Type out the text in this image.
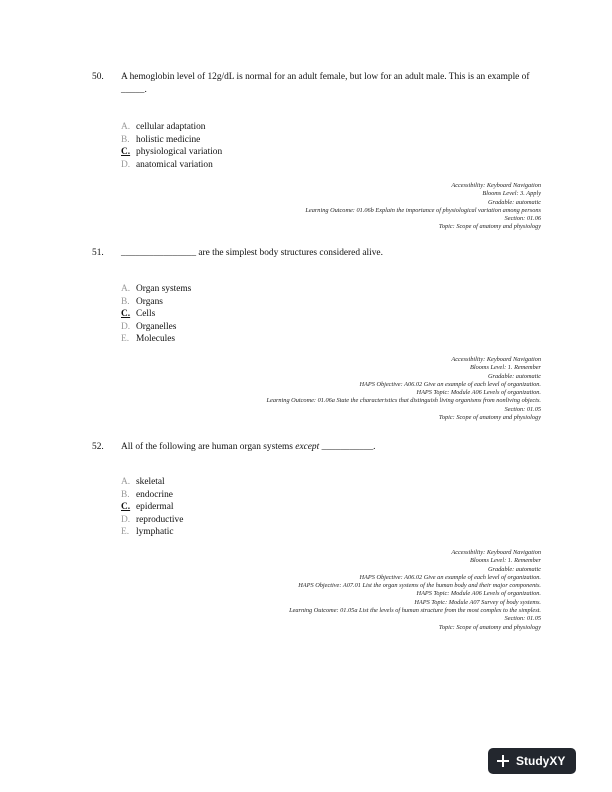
50. A hemoglobin level of 12g/dL is normal for an adult female, but low for an adult male. This is an example of _____.
A. cellular adaptation
B. holistic medicine
C. physiological variation
D. anatomical variation
Accessibility: Keyboard Navigation
Blooms Level: 3. Apply
Gradable: automatic
Learning Outcome: 01.06b Explain the importance of physiological variation among persons
Section: 01.06
Topic: Scope of anatomy and physiology
51. ________________ are the simplest body structures considered alive.
A. Organ systems
B. Organs
C. Cells
D. Organelles
E. Molecules
Accessibility: Keyboard Navigation
Blooms Level: 1. Remember
Gradable: automatic
HAPS Objective: A06.02 Give an example of each level of organization.
HAPS Topic: Module A06 Levels of organization.
Learning Outcome: 01.06a State the characteristics that distinguish living organisms from nonliving objects.
Section: 01.05
Topic: Scope of anatomy and physiology
52. All of the following are human organ systems except ___________.
A. skeletal
B. endocrine
C. epidermal
D. reproductive
E. lymphatic
Accessibility: Keyboard Navigation
Blooms Level: 1. Remember
Gradable: automatic
HAPS Objective: A06.02 Give an example of each level of organization.
HAPS Objective: A07.01 List the organ systems of the human body and their major components.
HAPS Topic: Module A06 Levels of organization.
HAPS Topic: Module A07 Survey of body systems.
Learning Outcome: 01.05a List the levels of human structure from the most complex to the simplest.
Section: 01.05
Topic: Scope of anatomy and physiology
StudyXY
